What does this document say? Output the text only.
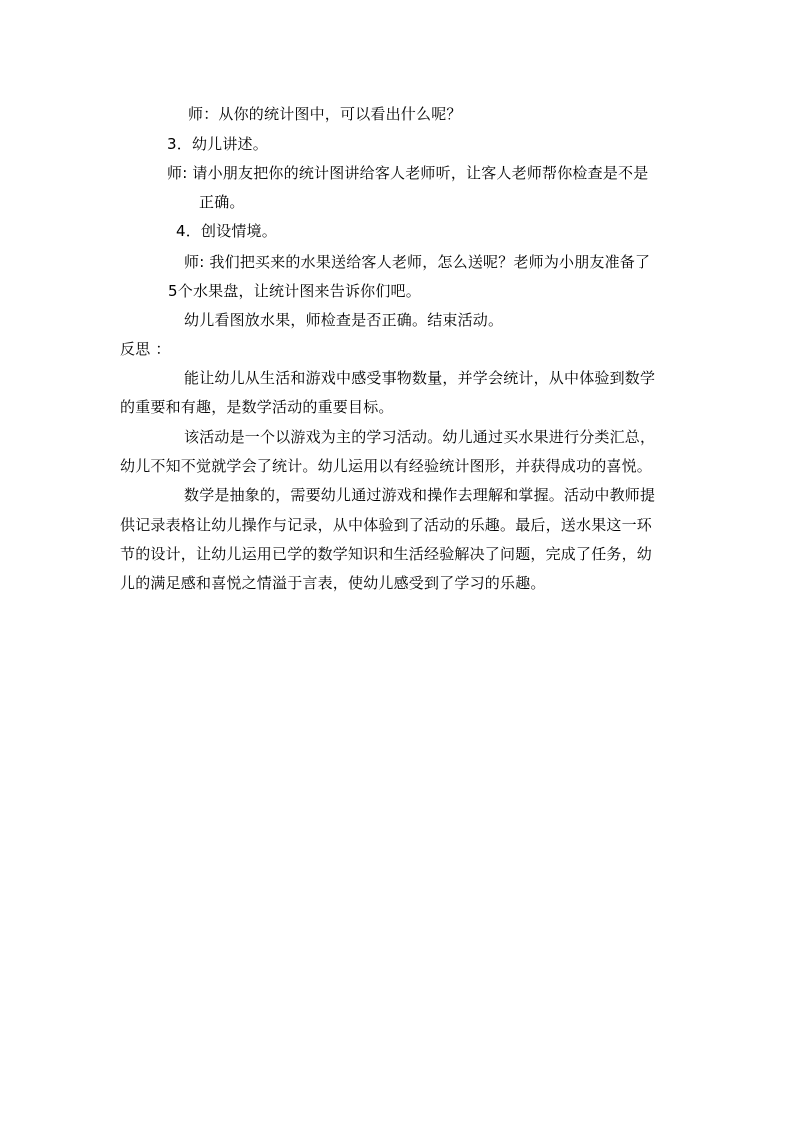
师：从你的统计图中，可以看出什么呢？
3．幼儿讲述。
师: 请小朋友把你的统计图讲给客人老师听，让客人老师帮你检查是不是
正确。
4．创设情境。
师: 我们把买来的水果送给客人老师，怎么送呢？老师为小朋友准备了
5个水果盘，让统计图来告诉你们吧。
幼儿看图放水果，师检查是否正确。结束活动。
反思 ：
能让幼儿从生活和游戏中感受事物数量，并学会统计，从中体验到数学
的重要和有趣，是数学活动的重要目标。
该活动是一个以游戏为主的学习活动。幼儿通过买水果进行分类汇总，
幼儿不知不觉就学会了统计。幼儿运用以有经验统计图形，并获得成功的喜悦。
数学是抽象的，需要幼儿通过游戏和操作去理解和掌握。活动中教师提
供记录表格让幼儿操作与记录，从中体验到了活动的乐趣。最后，送水果这一环
节的设计，让幼儿运用已学的数学知识和生活经验解决了问题，完成了任务，幼
儿的满足感和喜悦之情溢于言表，使幼儿感受到了学习的乐趣。
